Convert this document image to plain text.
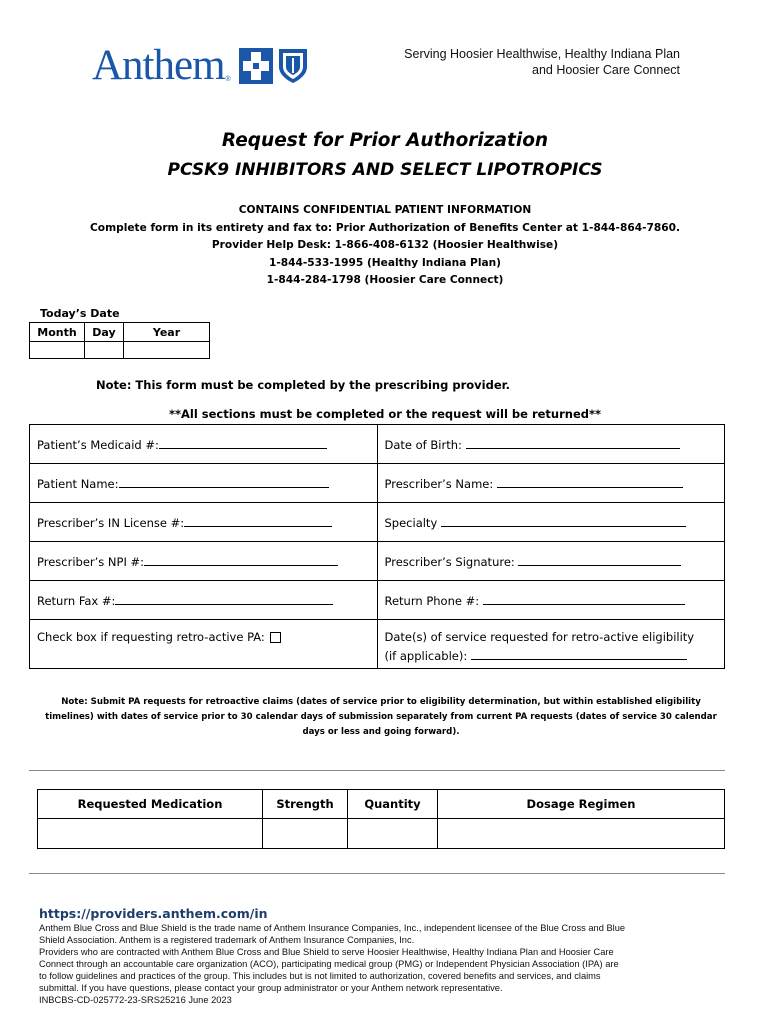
Anthem ®
Serving Hoosier Healthwise, Healthy Indiana Plan
and Hoosier Care Connect
Request for Prior Authorization
PCSK9 INHIBITORS AND SELECT LIPOTROPICS
CONTAINS CONFIDENTIAL PATIENT INFORMATION
Complete form in its entirety and fax to: Prior Authorization of Benefits Center at 1-844-864-7860.
Provider Help Desk: 1-866-408-6132 (Hoosier Healthwise)
1-844-533-1995 (Healthy Indiana Plan)
1-844-284-1798 (Hoosier Care Connect)
Today’s Date
Month	Day	Year

Note: This form must be completed by the prescribing provider.
**All sections must be completed or the request will be returned**
Patient’s Medicaid #:	Date of Birth:
Patient Name:	Prescriber’s Name:
Prescriber’s IN License #:	Specialty
Prescriber’s NPI #:	Prescriber’s Signature:
Return Fax #:	Return Phone #:
Check box if requesting retro-active PA:	Date(s) of service requested for retro-active eligibility
(if applicable):
Note: Submit PA requests for retroactive claims (dates of service prior to eligibility determination, but within established eligibility timelines) with dates of service prior to 30 calendar days of submission separately from current PA requests (dates of service 30 calendar days or less and going forward).
Requested Medication	Strength	Quantity	Dosage Regimen

https://providers.anthem.com/in
Anthem Blue Cross and Blue Shield is the trade name of Anthem Insurance Companies, Inc., independent licensee of the Blue Cross and Blue
Shield Association. Anthem is a registered trademark of Anthem Insurance Companies, Inc.
Providers who are contracted with Anthem Blue Cross and Blue Shield to serve Hoosier Healthwise, Healthy Indiana Plan and Hoosier Care
Connect through an accountable care organization (ACO), participating medical group (PMG) or Independent Physician Association (IPA) are
to follow guidelines and practices of the group. This includes but is not limited to authorization, covered benefits and services, and claims
submittal. If you have questions, please contact your group administrator or your Anthem network representative.
INBCBS-CD-025772-23-SRS25216 June 2023
